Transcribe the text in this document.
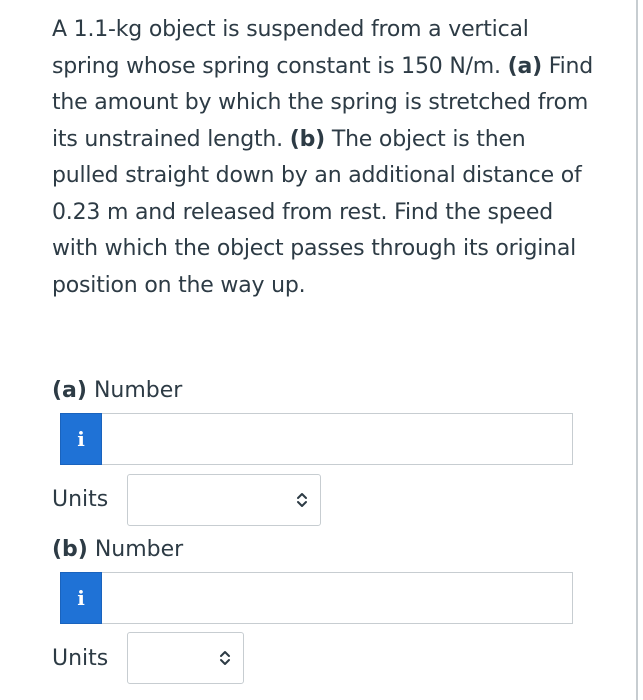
A 1.1-kg object is suspended from a vertical spring whose spring constant is 150 N/m. (a) Find the amount by which the spring is stretched from its unstrained length. (b) The object is then pulled straight down by an additional distance of 0.23 m and released from rest. Find the speed with which the object passes through its original position on the way up.
(a) Number
i
Units
(b) Number
i
Units
